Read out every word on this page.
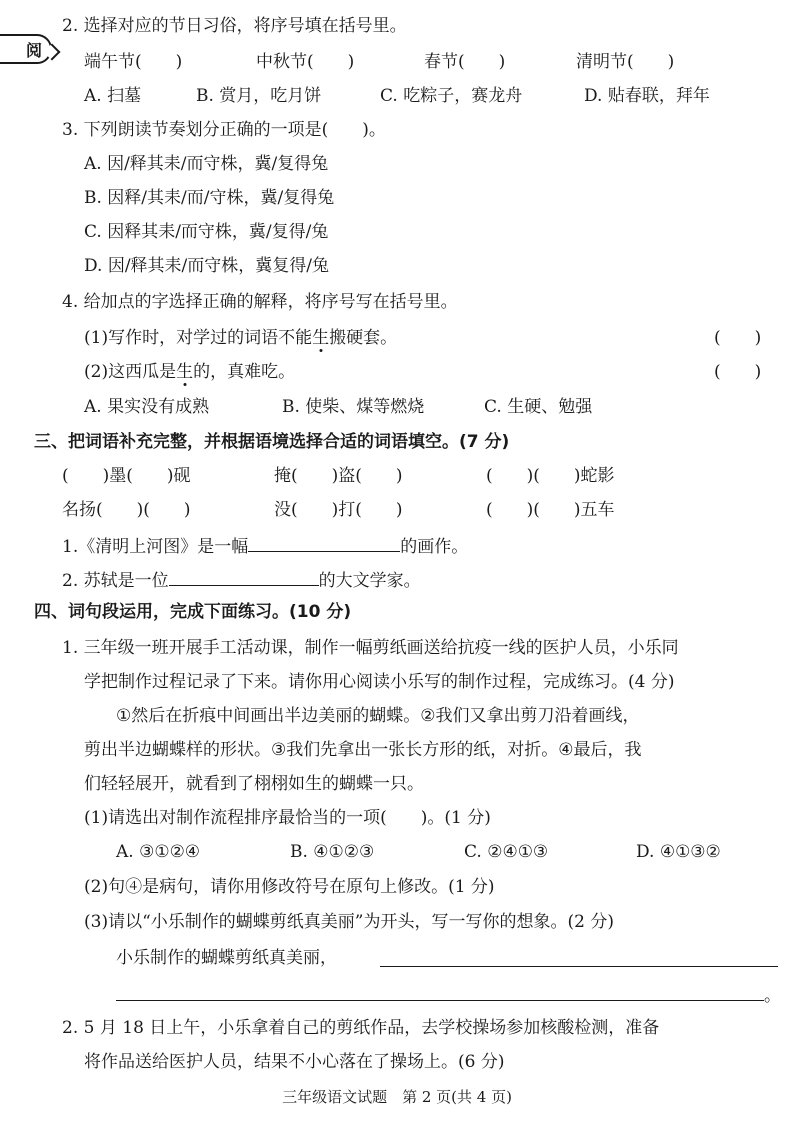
阅
2. 选择对应的节日习俗，将序号填在括号里。
端午节(　　)	中秋节(　　)	春节(　　)	清明节(　　)
A. 扫墓	B. 赏月，吃月饼	C. 吃粽子，赛龙舟	D. 贴春联，拜年
3. 下列朗读节奏划分正确的一项是(　　)。
A. 因/释其耒/而守株，冀/复得兔
B. 因释/其耒/而/守株，冀/复得兔
C. 因释其耒/而守株，冀/复得/兔
D. 因/释其耒/而守株，冀复得/兔
4. 给加点的字选择正确的解释，将序号写在括号里。
(1)写作时，对学过的词语不能生搬硬套。	(　　)
(2)这西瓜是生的，真难吃。	(　　)
A. 果实没有成熟	B. 使柴、煤等燃烧	C. 生硬、勉强
三、把词语补充完整，并根据语境选择合适的词语填空。(7 分)
(　　)墨(　　)砚	掩(　　)盗(　　)	(　　)(　　)蛇影
名扬(　　)(　　)	没(　　)打(　　)	(　　)(　　)五车
1.《清明上河图》是一幅	的画作。
2. 苏轼是一位	的大文学家。
四、词句段运用，完成下面练习。(10 分)
1. 三年级一班开展手工活动课，制作一幅剪纸画送给抗疫一线的医护人员，小乐同
学把制作过程记录了下来。请你用心阅读小乐写的制作过程，完成练习。(4 分)
①然后在折痕中间画出半边美丽的蝴蝶。②我们又拿出剪刀沿着画线，
剪出半边蝴蝶样的形状。③我们先拿出一张长方形的纸，对折。④最后，我
们轻轻展开，就看到了栩栩如生的蝴蝶一只。
(1)请选出对制作流程排序最恰当的一项(　　)。(1 分)
A. ③①②④	B. ④①②③	C. ②④①③	D. ④①③②
(2)句④是病句，请你用修改符号在原句上修改。(1 分)
(3)请以“小乐制作的蝴蝶剪纸真美丽”为开头，写一写你的想象。(2 分)
小乐制作的蝴蝶剪纸真美丽，
。
2. 5 月 18 日上午，小乐拿着自己的剪纸作品，去学校操场参加核酸检测，准备
将作品送给医护人员，结果不小心落在了操场上。(6 分)
三年级语文试题　第 2 页(共 4 页)
